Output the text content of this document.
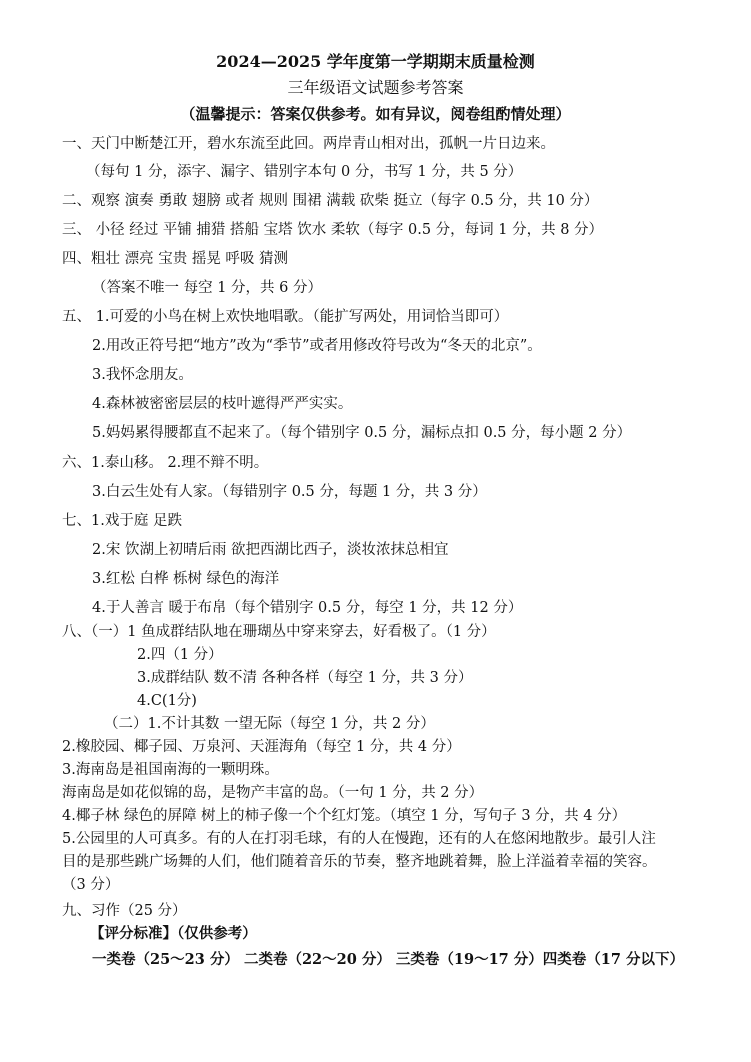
2024—2025 学年度第一学期期末质量检测
三年级语文试题参考答案
（温馨提示：答案仅供参考。如有异议，阅卷组酌情处理）
一、天门中断楚江开，碧水东流至此回。两岸青山相对出，孤帆一片日边来。
（每句 1 分，添字、漏字、错别字本句 0 分，书写 1 分，共 5 分）
二、观察 演奏 勇敢 翅膀 或者 规则 围裙 满载 砍柴 挺立（每字 0.5 分，共 10 分）
三、 小径 经过 平铺 捕猎 搭船 宝塔 饮水 柔软（每字 0.5 分，每词 1 分，共 8 分）
四、粗壮 漂亮 宝贵 摇晃 呼吸 猜测
（答案不唯一 每空 1 分，共 6 分）
五、 1.可爱的小鸟在树上欢快地唱歌。（能扩写两处，用词恰当即可）
2.用改正符号把“地方”改为“季节”或者用修改符号改为“冬天的北京”。
3.我怀念朋友。
4.森林被密密层层的枝叶遮得严严实实。
5.妈妈累得腰都直不起来了。（每个错别字 0.5 分，漏标点扣 0.5 分，每小题 2 分）
六、1.泰山移。 2.理不辩不明。
3.白云生处有人家。（每错别字 0.5 分，每题 1 分，共 3 分）
七、1.戏于庭 足跌
2.宋 饮湖上初晴后雨 欲把西湖比西子，淡妆浓抹总相宜
3.红松 白桦 栎树 绿色的海洋
4.于人善言 暖于布帛（每个错别字 0.5 分，每空 1 分，共 12 分）
八、（一）1 鱼成群结队地在珊瑚丛中穿来穿去，好看极了。（1 分）
2.四（1 分）
3.成群结队 数不清 各种各样（每空 1 分，共 3 分）
4.C(1分)
（二）1.不计其数 一望无际（每空 1 分，共 2 分）
2.橡胶园、椰子园、万泉河、天涯海角（每空 1 分，共 4 分）
3.海南岛是祖国南海的一颗明珠。
海南岛是如花似锦的岛，是物产丰富的岛。（一句 1 分，共 2 分）
4.椰子林 绿色的屏障 树上的柿子像一个个红灯笼。（填空 1 分，写句子 3 分，共 4 分）
5.公园里的人可真多。有的人在打羽毛球，有的人在慢跑，还有的人在悠闲地散步。最引人注
目的是那些跳广场舞的人们，他们随着音乐的节奏，整齐地跳着舞，脸上洋溢着幸福的笑容。
（3 分）
九、习作（25 分）
【评分标准】（仅供参考）
一类卷（25～23 分） 二类卷（22～20 分） 三类卷（19～17 分）四类卷（17 分以下）
